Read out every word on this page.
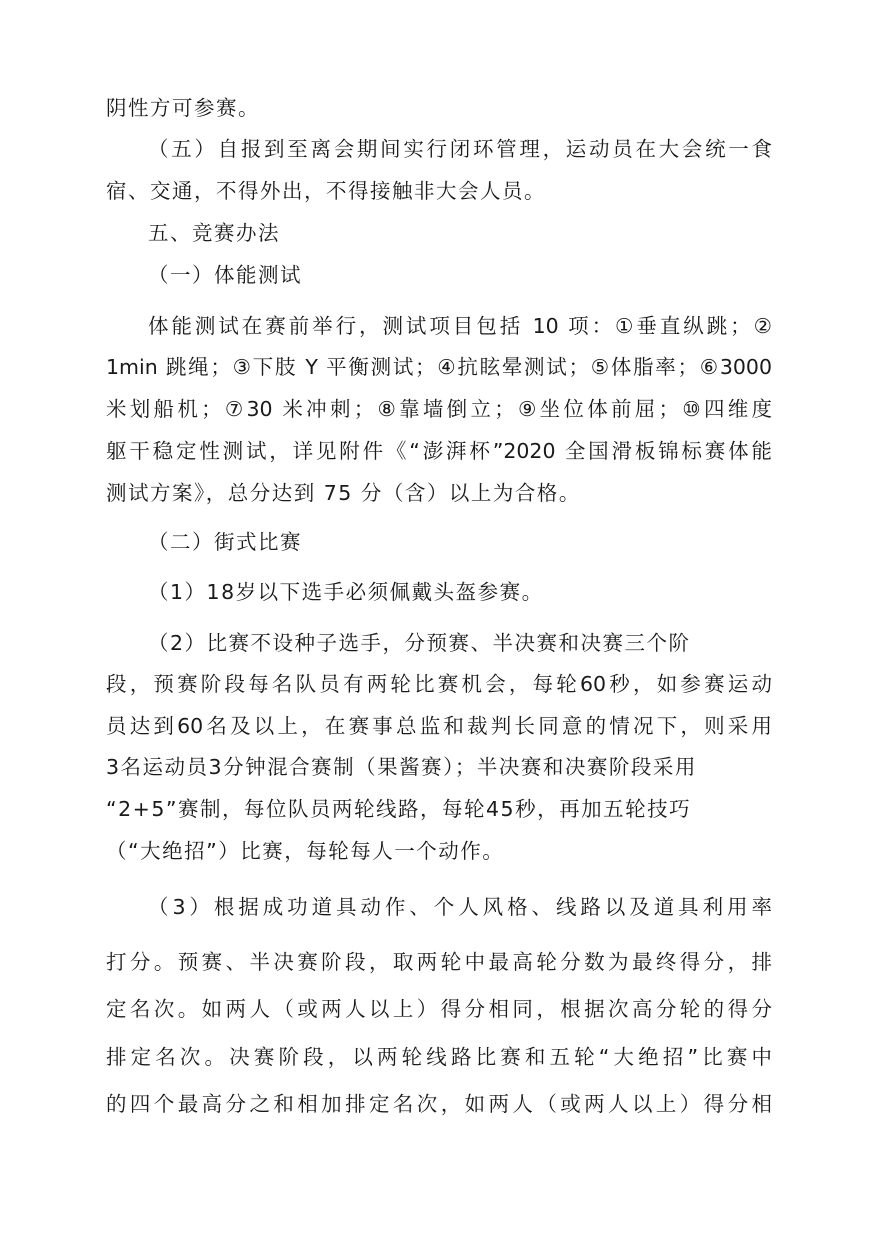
阴性方可参赛。
（五）自报到至离会期间实行闭环管理，运动员在大会统一食
宿、交通，不得外出，不得接触非大会人员。
五、竞赛办法
（一）体能测试
体能测试在赛前举行，测试项目包括 10 项：①垂直纵跳；②
1min 跳绳；③下肢 Y 平衡测试；④抗眩晕测试；⑤体脂率；⑥3000
米划船机；⑦30 米冲刺；⑧靠墙倒立；⑨坐位体前屈；⑩四维度
躯干稳定性测试，详见附件《“澎湃杯”2020 全国滑板锦标赛体能
测试方案》，总分达到 75 分（含）以上为合格。
（二）街式比赛
（1）18岁以下选手必须佩戴头盔参赛。
（2）比赛不设种子选手，分预赛、半决赛和决赛三个阶
段，预赛阶段每名队员有两轮比赛机会，每轮60秒，如参赛运动
员达到60名及以上，在赛事总监和裁判长同意的情况下，则采用
3名运动员3分钟混合赛制（果酱赛）；半决赛和决赛阶段采用
“2+5”赛制，每位队员两轮线路，每轮45秒，再加五轮技巧
（“大绝招”）比赛，每轮每人一个动作。
（3）根据成功道具动作、个人风格、线路以及道具利用率
打分。预赛、半决赛阶段，取两轮中最高轮分数为最终得分，排
定名次。如两人（或两人以上）得分相同，根据次高分轮的得分
排定名次。决赛阶段，以两轮线路比赛和五轮“大绝招”比赛中
的四个最高分之和相加排定名次，如两人（或两人以上）得分相
